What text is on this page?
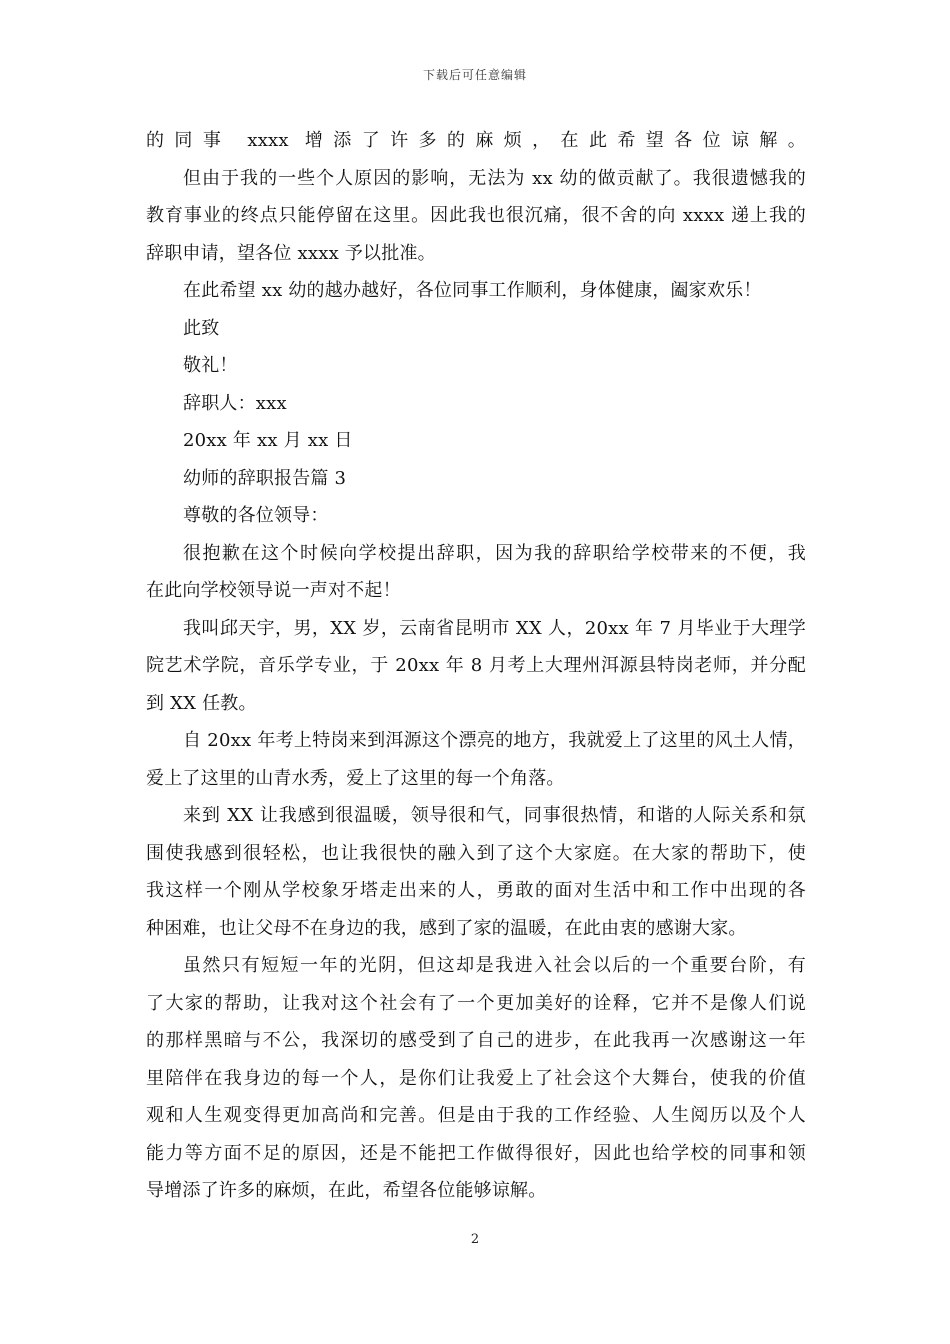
下载后可任意编辑
的同事 xxxx 增添了许多的麻烦，在此希望各位谅解。
但由于我的一些个人原因的影响，无法为 xx 幼的做贡献了。我很遗憾我的
教育事业的终点只能停留在这里。因此我也很沉痛，很不舍的向 xxxx 递上我的
辞职申请，望各位 xxxx 予以批准。
在此希望 xx 幼的越办越好，各位同事工作顺利，身体健康，阖家欢乐！
此致
敬礼！
辞职人：xxx
20xx 年 xx 月 xx 日
幼师的辞职报告篇 3
尊敬的各位领导：
很抱歉在这个时候向学校提出辞职，因为我的辞职给学校带来的不便，我
在此向学校领导说一声对不起！
我叫邱天宇，男，XX 岁，云南省昆明市 XX 人，20xx 年 7 月毕业于大理学
院艺术学院，音乐学专业，于 20xx 年 8 月考上大理州洱源县特岗老师，并分配
到 XX 任教。
自 20xx 年考上特岗来到洱源这个漂亮的地方，我就爱上了这里的风土人情，
爱上了这里的山青水秀，爱上了这里的每一个角落。
来到 XX 让我感到很温暖，领导很和气，同事很热情，和谐的人际关系和氛
围使我感到很轻松，也让我很快的融入到了这个大家庭。在大家的帮助下，使
我这样一个刚从学校象牙塔走出来的人，勇敢的面对生活中和工作中出现的各
种困难，也让父母不在身边的我，感到了家的温暖，在此由衷的感谢大家。
虽然只有短短一年的光阴，但这却是我进入社会以后的一个重要台阶，有
了大家的帮助，让我对这个社会有了一个更加美好的诠释，它并不是像人们说
的那样黑暗与不公，我深切的感受到了自己的进步，在此我再一次感谢这一年
里陪伴在我身边的每一个人，是你们让我爱上了社会这个大舞台，使我的价值
观和人生观变得更加高尚和完善。但是由于我的工作经验、人生阅历以及个人
能力等方面不足的原因，还是不能把工作做得很好，因此也给学校的同事和领
导增添了许多的麻烦，在此，希望各位能够谅解。
2
